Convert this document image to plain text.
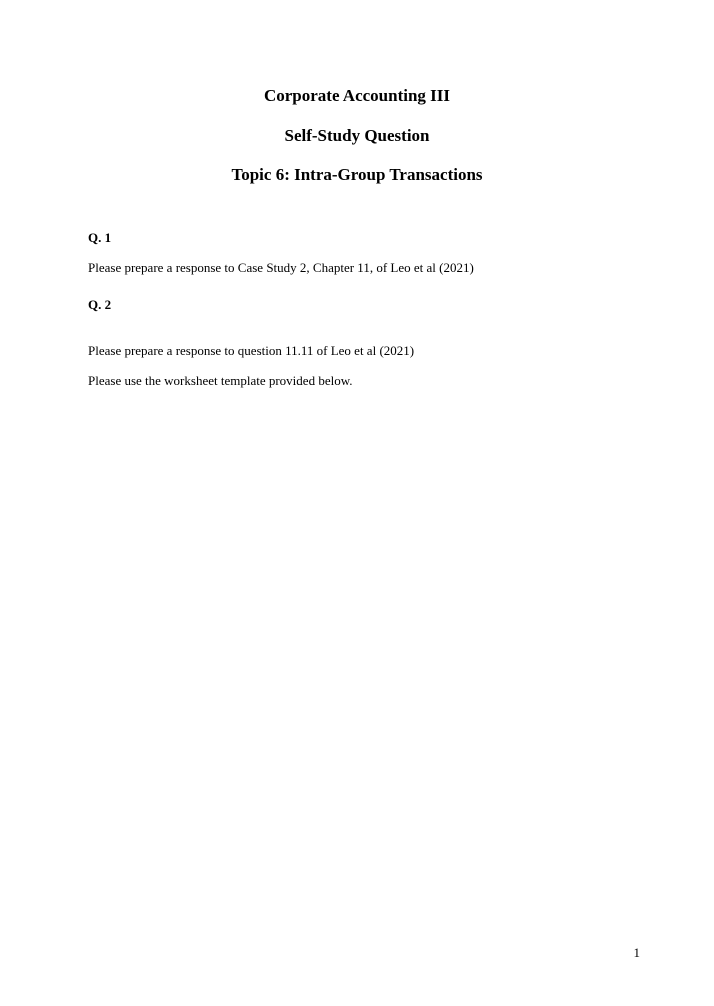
Corporate Accounting III
Self-Study Question
Topic 6: Intra-Group Transactions

Q. 1

Please prepare a response to Case Study 2, Chapter 11, of Leo et al (2021)

Q. 2

Please prepare a response to question 11.11 of Leo et al (2021)

Please use the worksheet template provided below.

1
